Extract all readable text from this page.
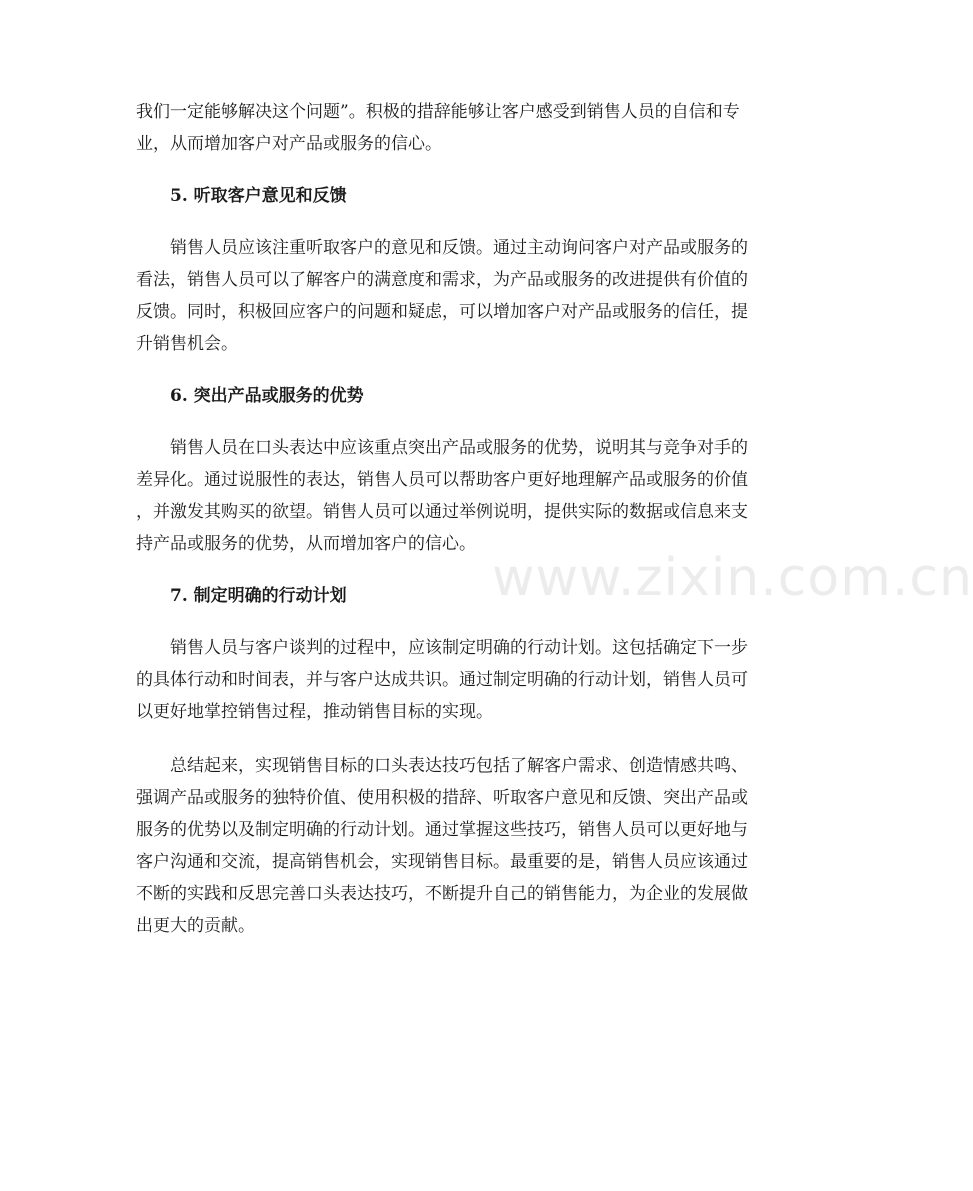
www.zixin.com.cn

我们一定能够解决这个问题”。积极的措辞能够让客户感受到销售人员的自信和专

业，从而增加客户对产品或服务的信心。

5. 听取客户意见和反馈

销售人员应该注重听取客户的意见和反馈。通过主动询问客户对产品或服务的

看法，销售人员可以了解客户的满意度和需求，为产品或服务的改进提供有价值的

反馈。同时，积极回应客户的问题和疑虑，可以增加客户对产品或服务的信任，提

升销售机会。

6. 突出产品或服务的优势

销售人员在口头表达中应该重点突出产品或服务的优势，说明其与竞争对手的

差异化。通过说服性的表达，销售人员可以帮助客户更好地理解产品或服务的价值

，并激发其购买的欲望。销售人员可以通过举例说明，提供实际的数据或信息来支

持产品或服务的优势，从而增加客户的信心。

7. 制定明确的行动计划

销售人员与客户谈判的过程中，应该制定明确的行动计划。这包括确定下一步

的具体行动和时间表，并与客户达成共识。通过制定明确的行动计划，销售人员可

以更好地掌控销售过程，推动销售目标的实现。

总结起来，实现销售目标的口头表达技巧包括了解客户需求、创造情感共鸣、

强调产品或服务的独特价值、使用积极的措辞、听取客户意见和反馈、突出产品或

服务的优势以及制定明确的行动计划。通过掌握这些技巧，销售人员可以更好地与

客户沟通和交流，提高销售机会，实现销售目标。最重要的是，销售人员应该通过

不断的实践和反思完善口头表达技巧，不断提升自己的销售能力，为企业的发展做

出更大的贡献。
